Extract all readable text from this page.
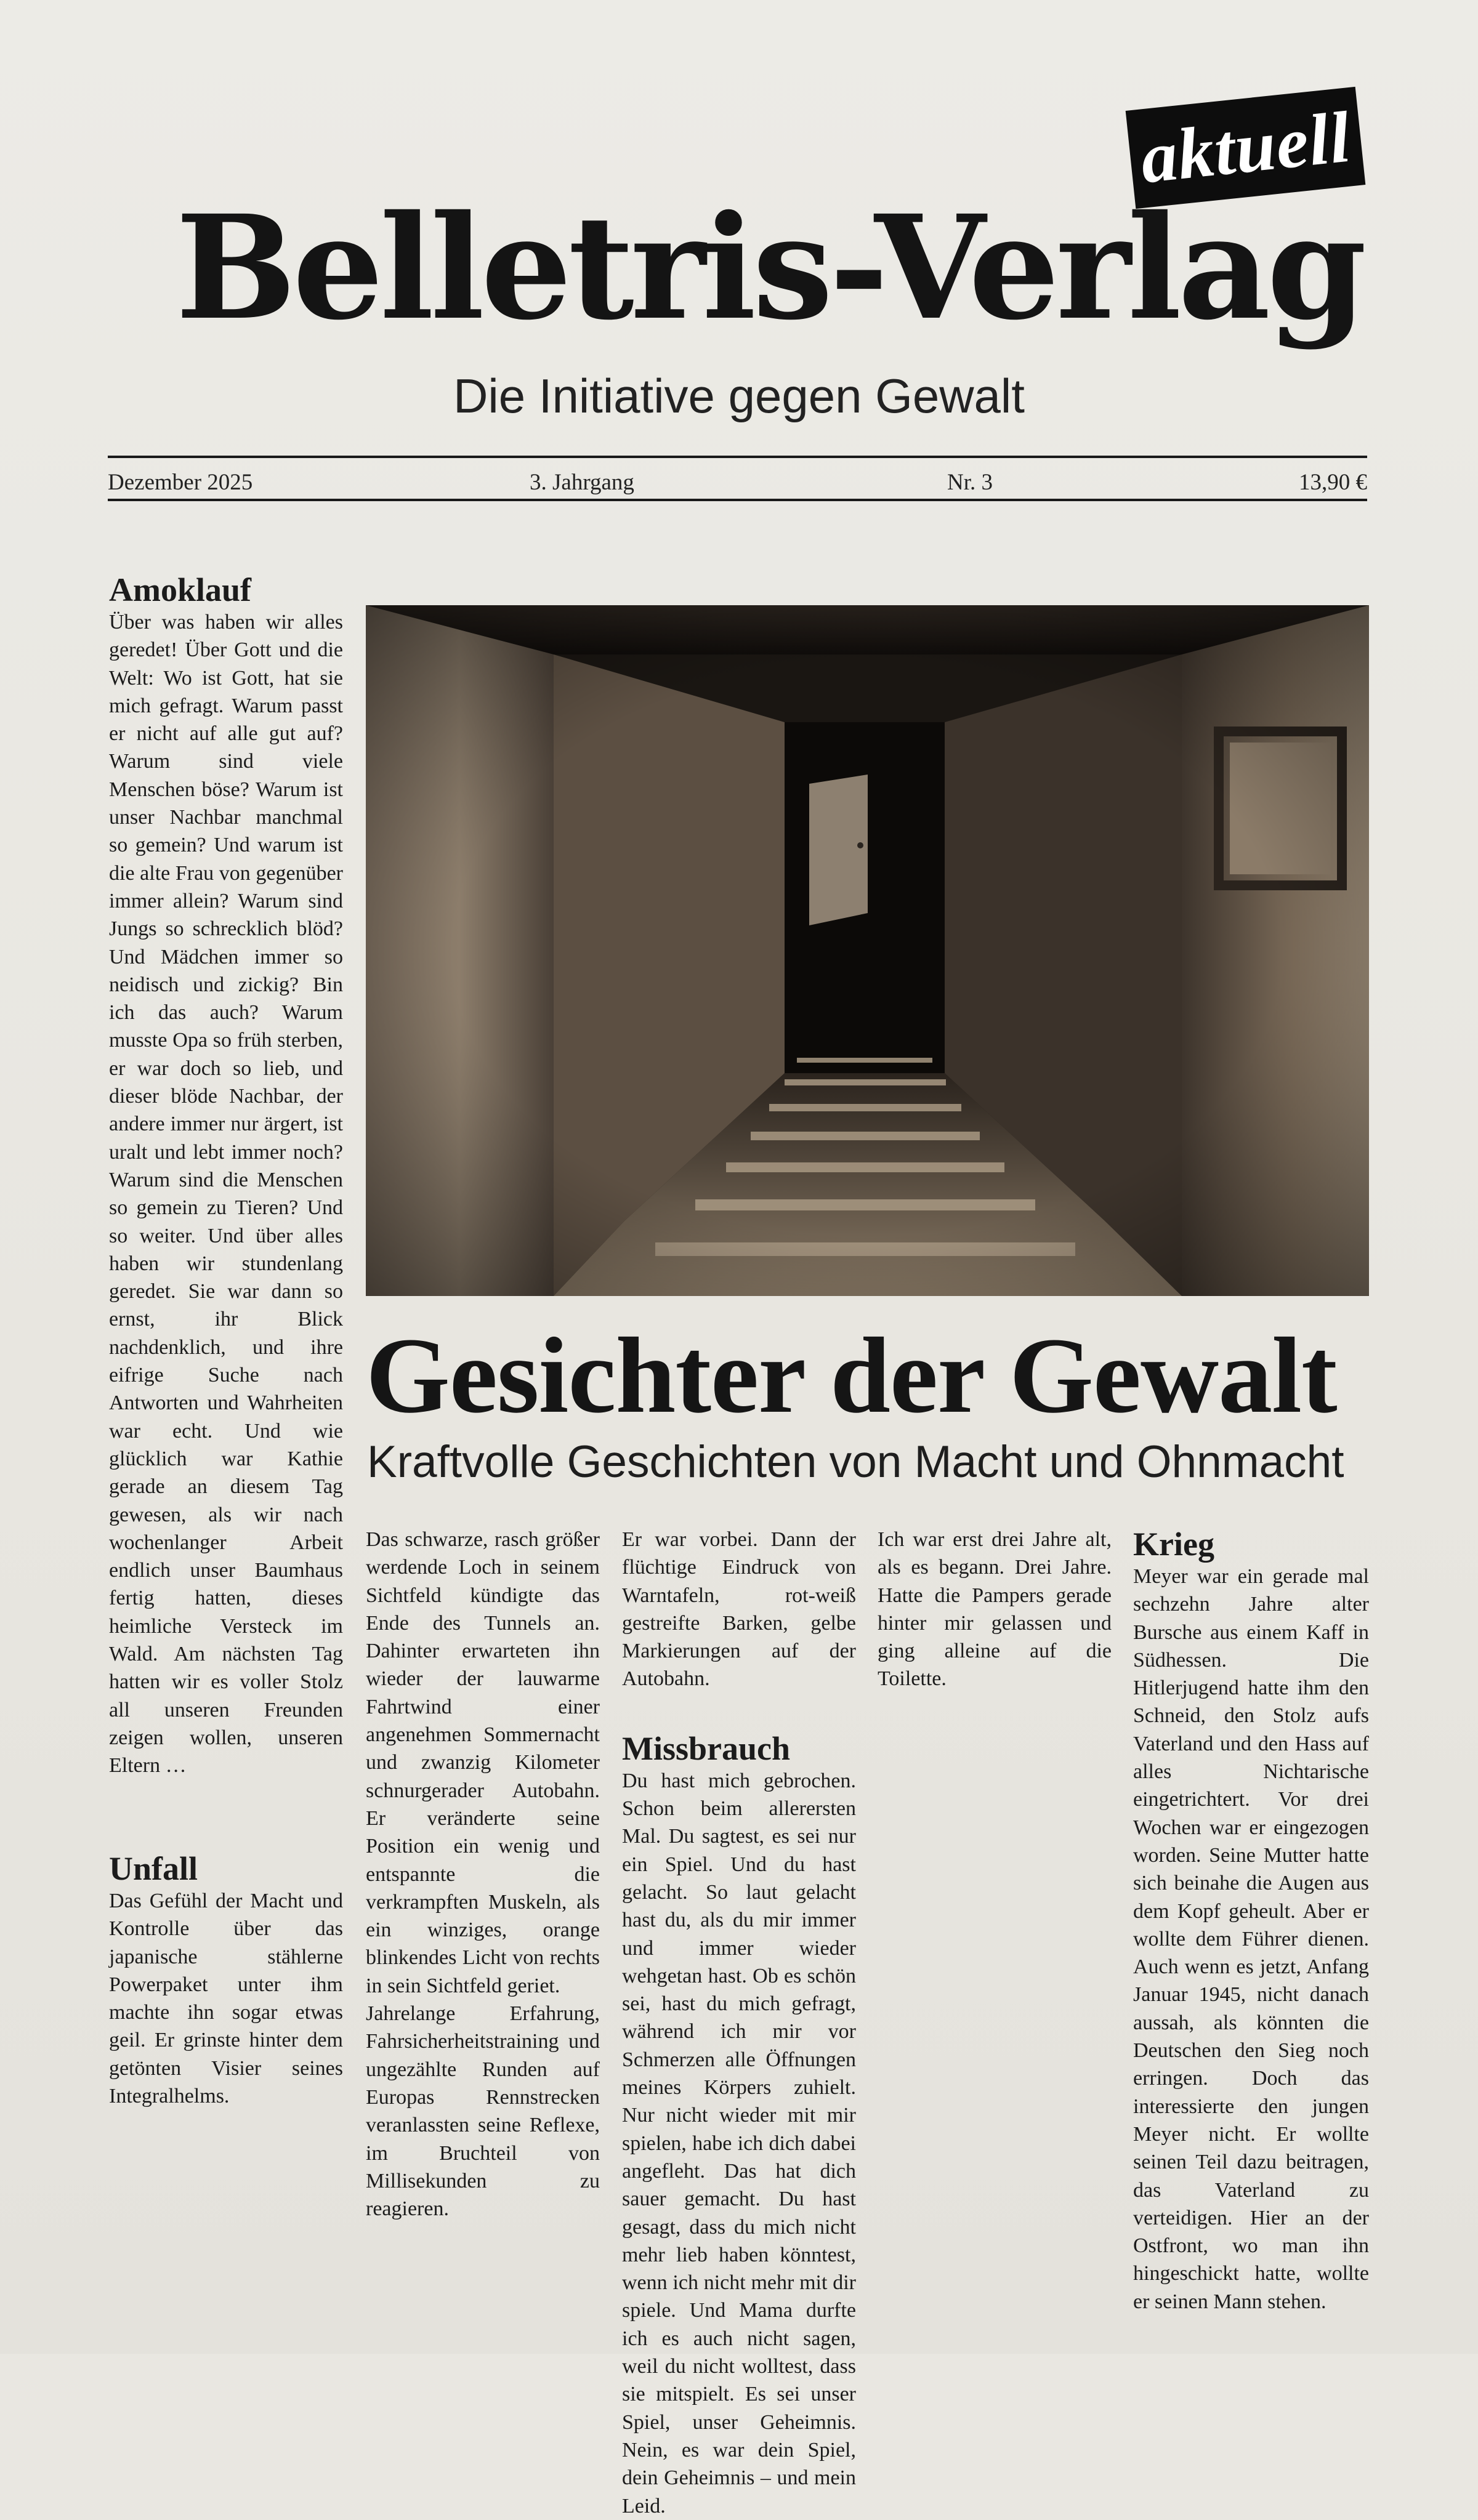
aktuell
Belletris-Verlag
Die Initiative gegen Gewalt
Dezember 2025	3. Jahrgang	Nr. 3	13,90 €
Amoklauf

Über was haben wir alles geredet! Über Gott und die Welt: Wo ist Gott, hat sie mich gefragt. Warum passt er nicht auf alle gut auf? Warum sind viele Menschen böse? Warum ist unser Nachbar manchmal so gemein? Und warum ist die alte Frau von gegenüber immer allein? Warum sind Jungs so schrecklich blöd? Und Mädchen immer so neidisch und zickig? Bin ich das auch? Warum musste Opa so früh sterben, er war doch so lieb, und dieser blöde Nachbar, der andere immer nur ärgert, ist uralt und lebt immer noch? Warum sind die Menschen so gemein zu Tieren? Und so weiter. Und über alles haben wir stundenlang geredet. Sie war dann so ernst, ihr Blick nachdenklich, und ihre eifrige Suche nach Antworten und Wahrheiten war echt. Und wie glücklich war Kathie gerade an diesem Tag gewesen, als wir nach wochenlanger Arbeit endlich unser Baumhaus fertig hatten, dieses heimliche Versteck im Wald. Am nächsten Tag hatten wir es voller Stolz all unseren Freunden zeigen wollen, unseren Eltern …

Unfall

Das Gefühl der Macht und Kontrolle über das japanische stählerne Powerpaket unter ihm machte ihn sogar etwas geil. Er grinste hinter dem getönten Visier seines Integralhelms.

Gesichter der Gewalt
Kraftvolle Geschichten von Macht und Ohnmacht

Das schwarze, rasch größer werdende Loch in seinem Sichtfeld kündigte das Ende des Tunnels an. Dahinter erwarteten ihn wieder der lauwarme Fahrtwind einer angenehmen Sommernacht und zwanzig Kilometer schnurgerader Autobahn. Er veränderte seine Position ein wenig und entspannte die verkrampften Muskeln, als ein winziges, orange blinkendes Licht von rechts in sein Sichtfeld geriet.

Jahrelange Erfahrung, Fahrsicherheitstraining und ungezählte Runden auf Europas Rennstrecken veranlassten seine Reflexe, im Bruchteil von Millisekunden zu reagieren.

Er war vorbei. Dann der flüchtige Eindruck von Warntafeln, rot-weiß gestreifte Barken, gelbe Markierungen auf der Autobahn.

Missbrauch

Du hast mich gebrochen. Schon beim allerersten Mal. Du sagtest, es sei nur ein Spiel. Und du hast gelacht. So laut gelacht hast du, als du mir immer und immer wieder wehgetan hast. Ob es schön sei, hast du mich gefragt, während ich mir vor Schmerzen alle Öffnungen meines Körpers zuhielt. Nur nicht wieder mit mir spielen, habe ich dich dabei angefleht. Das hat dich sauer gemacht. Du hast gesagt, dass du mich nicht mehr lieb haben könntest, wenn ich nicht mehr mit dir spiele. Und Mama durfte ich es auch nicht sagen, weil du nicht wolltest, dass sie mitspielt. Es sei unser Spiel, unser Geheimnis. Nein, es war dein Spiel, dein Geheimnis – und mein Leid.

Ich war erst drei Jahre alt, als es begann. Drei Jahre. Hatte die Pampers gerade hinter mir gelassen und ging alleine auf die Toilette.

Krieg

Meyer war ein gerade mal sechzehn Jahre alter Bursche aus einem Kaff in Südhessen. Die Hitlerjugend hatte ihm den Schneid, den Stolz aufs Vaterland und den Hass auf alles Nichtarische eingetrichtert. Vor drei Wochen war er eingezogen worden. Seine Mutter hatte sich beinahe die Augen aus dem Kopf geheult. Aber er wollte dem Führer dienen. Auch wenn es jetzt, Anfang Januar 1945, nicht danach aussah, als könnten die Deutschen den Sieg noch erringen. Doch das interessierte den jungen Meyer nicht. Er wollte seinen Teil dazu beitragen, das Vaterland zu verteidigen. Hier an der Ostfront, wo man ihn hingeschickt hatte, wollte er seinen Mann stehen.
